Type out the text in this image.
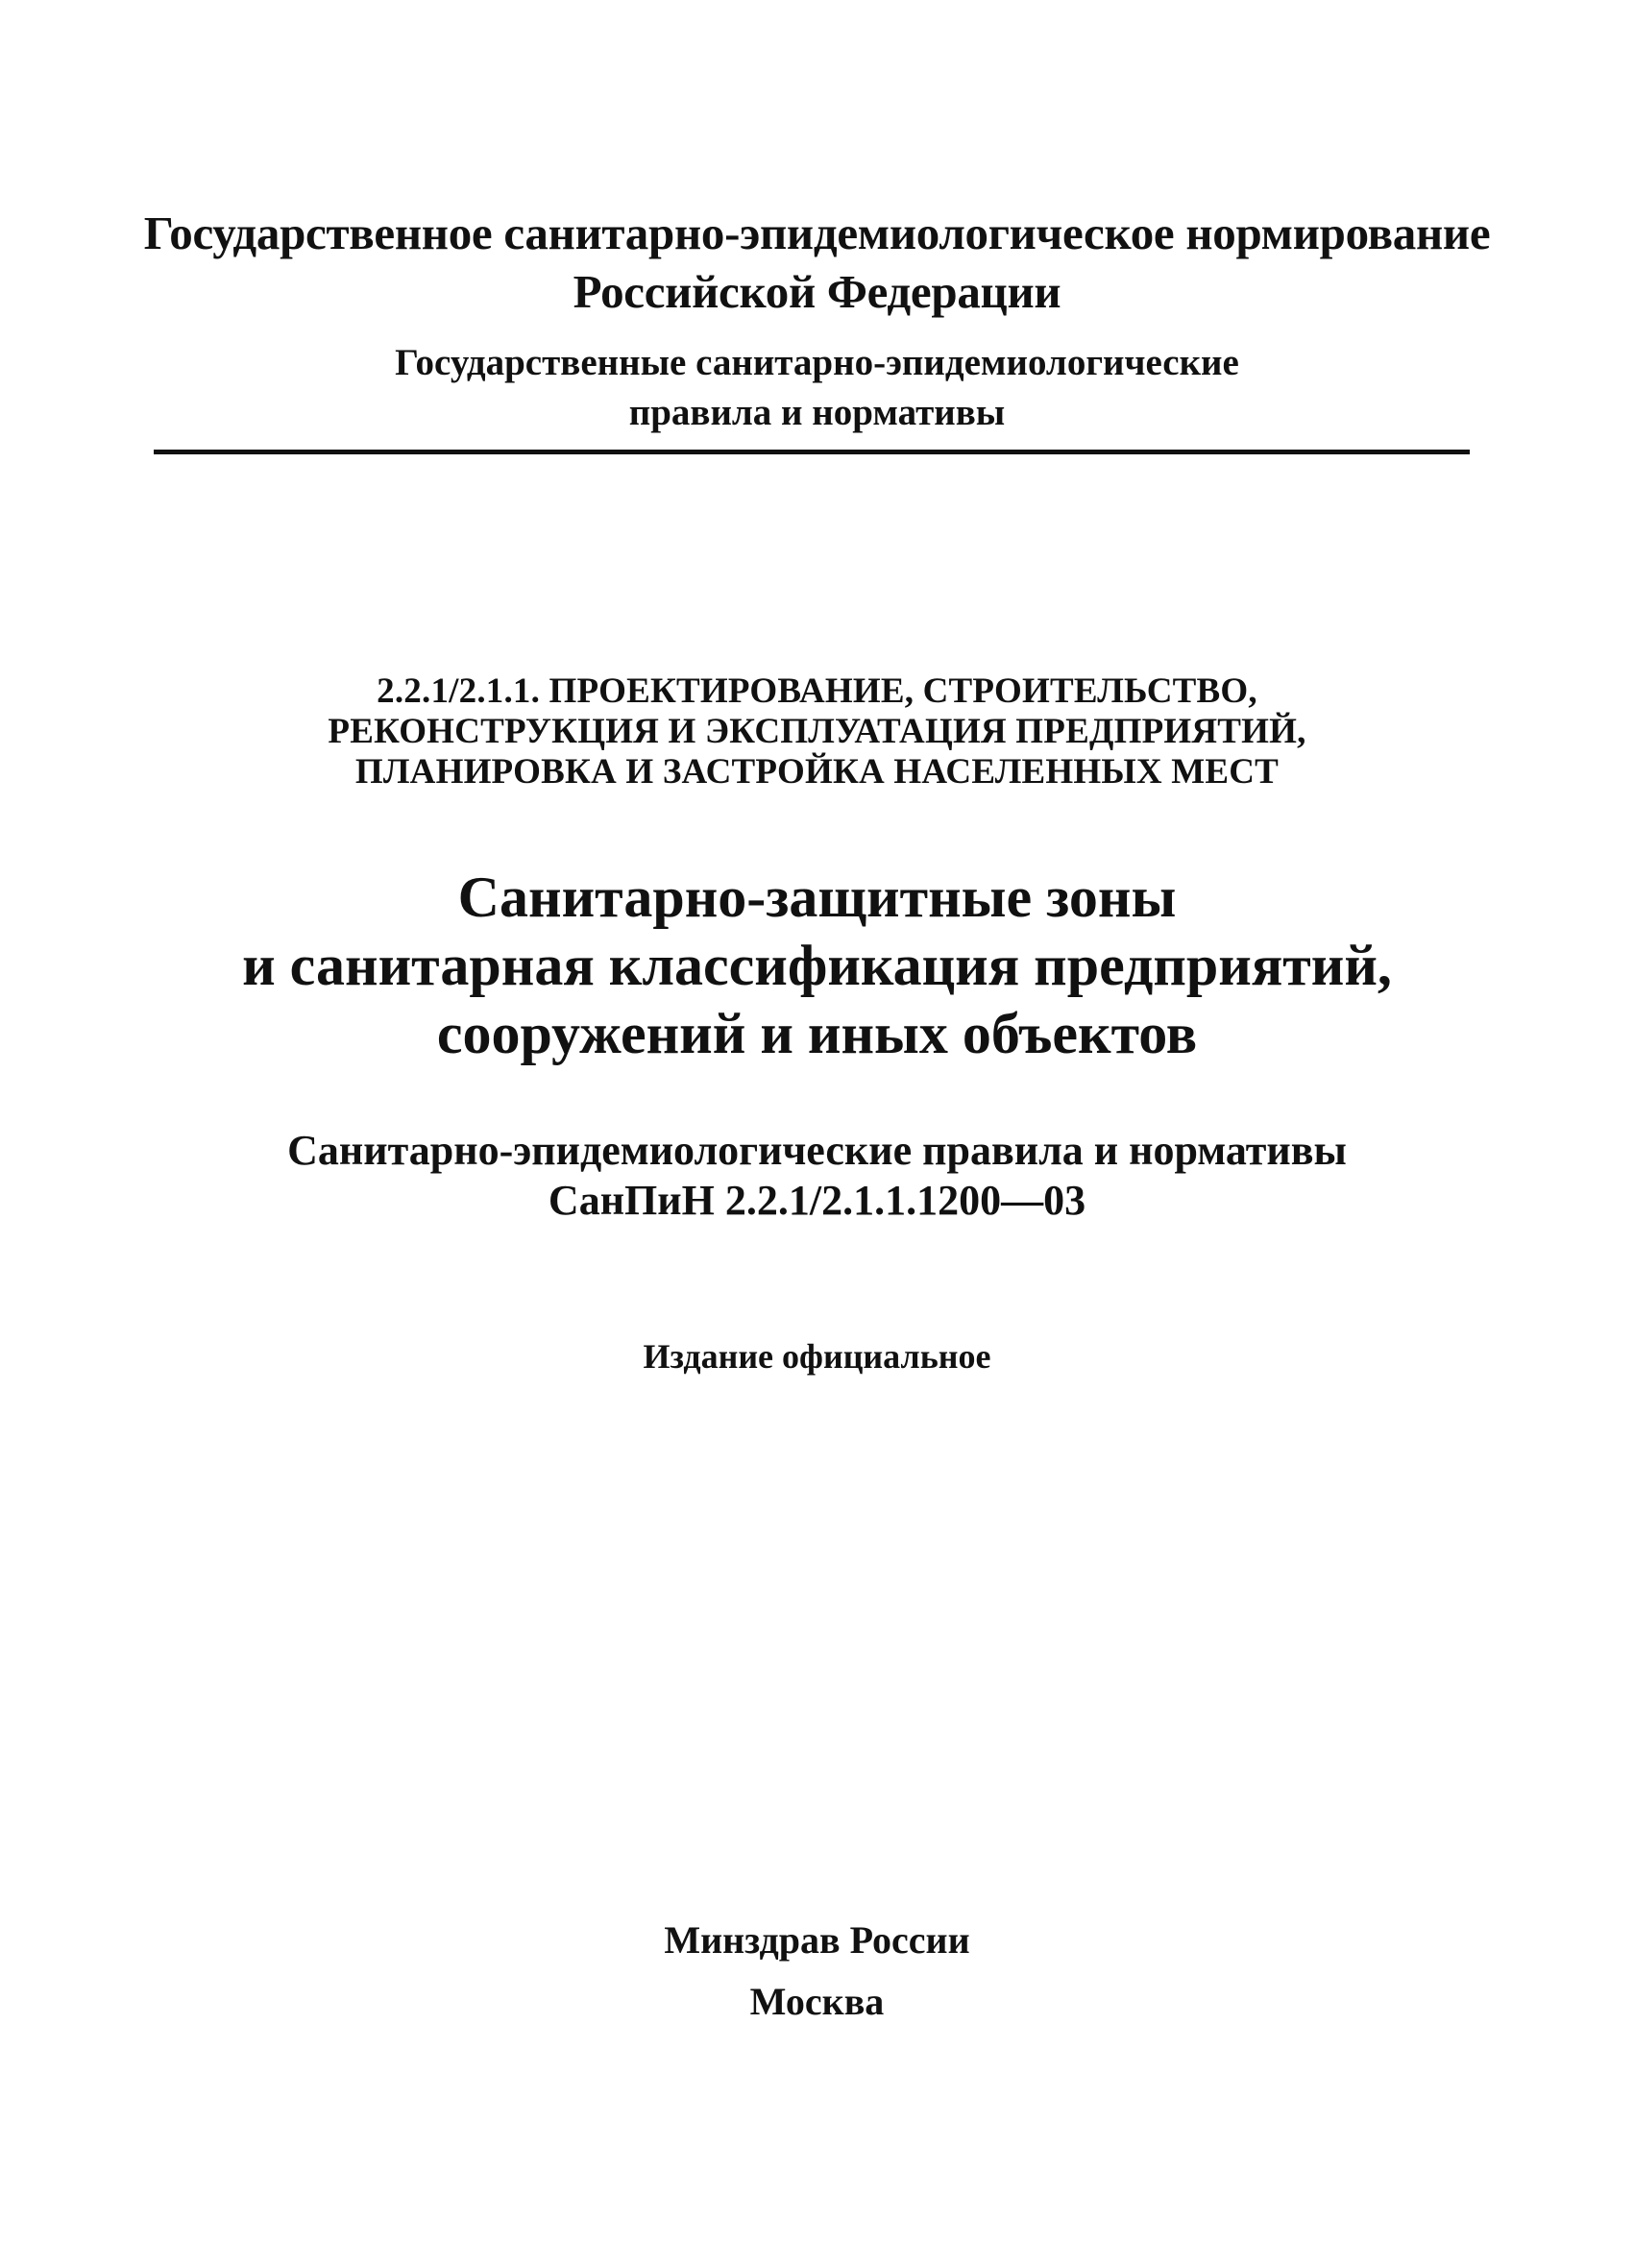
Государственное санитарно-эпидемиологическое нормирование
Российской Федерации
Государственные санитарно-эпидемиологические
правила и нормативы
2.2.1/2.1.1. ПРОЕКТИРОВАНИЕ, СТРОИТЕЛЬСТВО,
РЕКОНСТРУКЦИЯ И ЭКСПЛУАТАЦИЯ ПРЕДПРИЯТИЙ,
ПЛАНИРОВКА И ЗАСТРОЙКА НАСЕЛЕННЫХ МЕСТ
Санитарно-защитные зоны
и санитарная классификация предприятий,
сооружений и иных объектов
Санитарно-эпидемиологические правила и нормативы
СанПиН 2.2.1/2.1.1.1200—03
Издание официальное
Минздрав России
Москва
